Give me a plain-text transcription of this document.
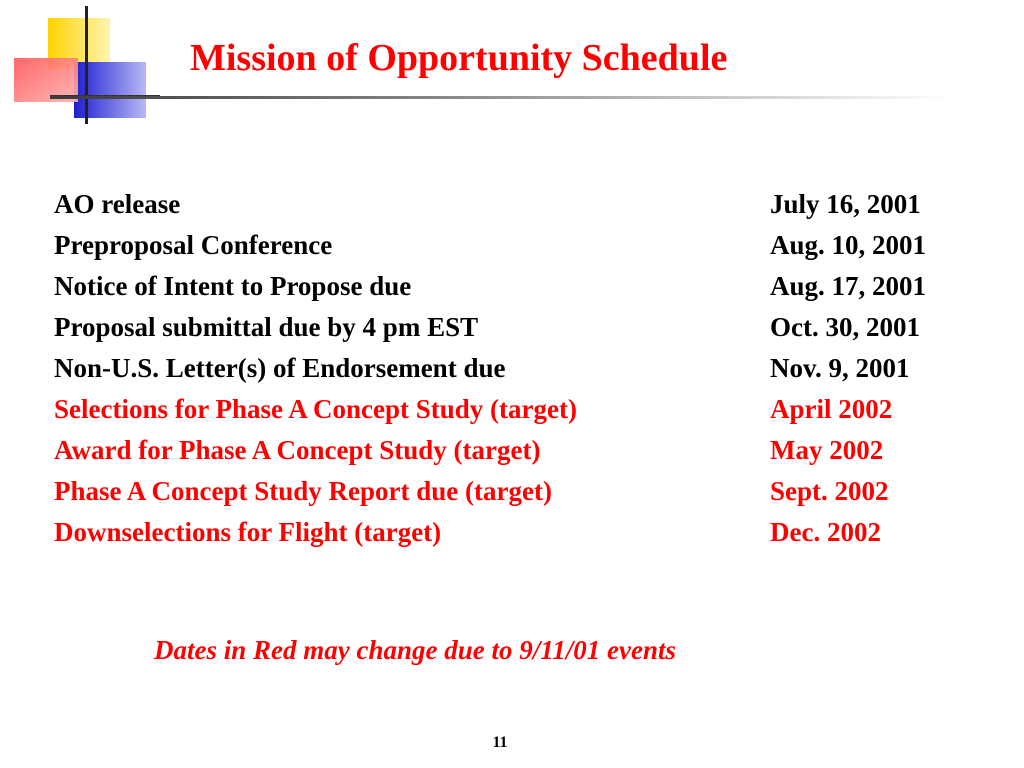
Mission of Opportunity Schedule
AO release	July 16, 2001
Preproposal Conference	Aug. 10, 2001
Notice of Intent to Propose due	Aug. 17, 2001
Proposal submittal due by 4 pm EST	Oct. 30, 2001
Non-U.S. Letter(s) of Endorsement due	Nov. 9, 2001
Selections for Phase A Concept Study (target)	April 2002
Award for Phase A Concept Study (target)	May 2002
Phase A Concept Study Report due (target)	Sept. 2002
Downselections for Flight (target)	Dec. 2002

Dates in Red may change due to 9/11/01 events

11
